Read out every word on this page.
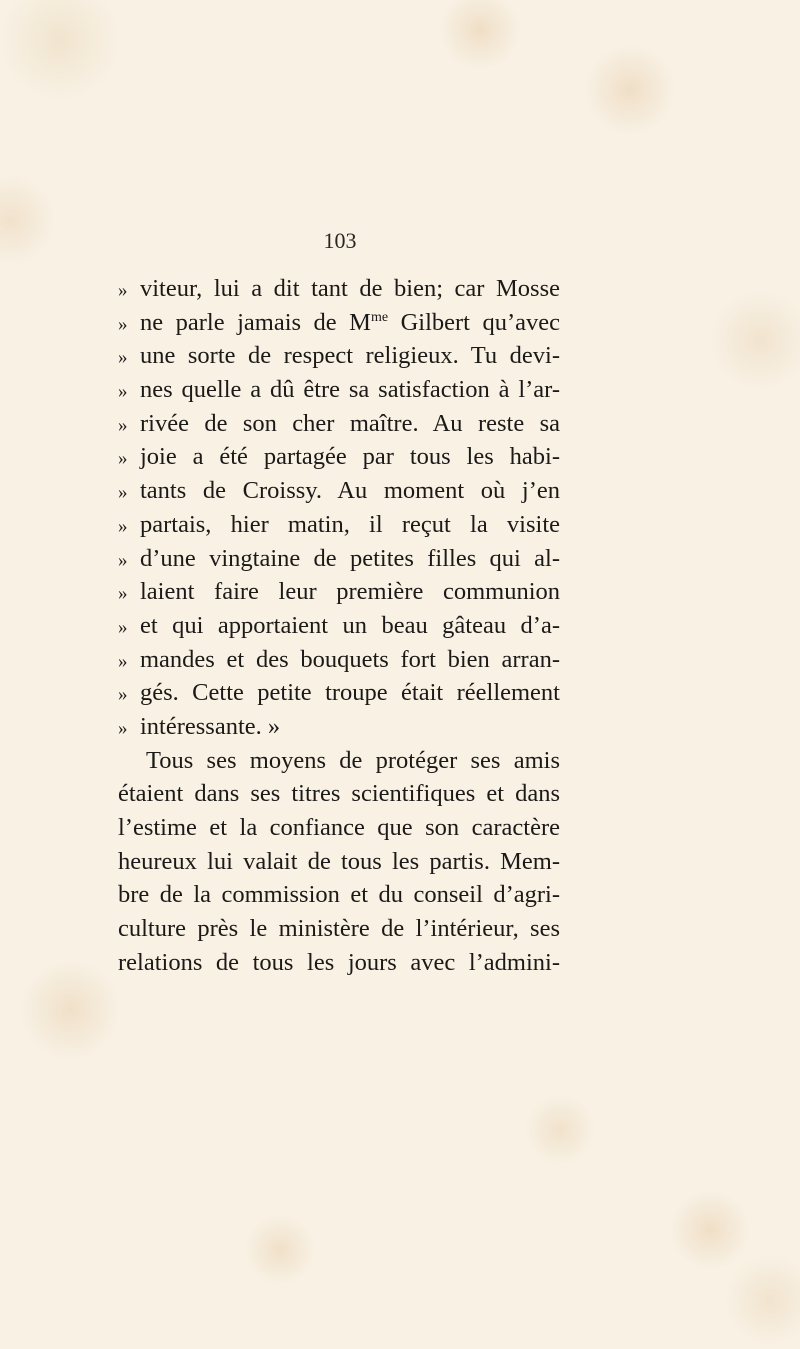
103
» viteur, lui a dit tant de bien; car Mosse
» ne parle jamais de $M^{me}$ Gilbert qu’avec
» une sorte de respect religieux. Tu devi-
» nes quelle a dû être sa satisfaction à l’ar-
» rivée de son cher maître. Au reste sa
» joie a été partagée par tous les habi-
» tants de Croissy. Au moment où j’en
» partais, hier matin, il reçut la visite
» d’une vingtaine de petites filles qui al-
» laient faire leur première communion
» et qui apportaient un beau gâteau d’a-
» mandes et des bouquets fort bien arran-
» gés. Cette petite troupe était réellement
» intéressante. »
Tous ses moyens de protéger ses amis
étaient dans ses titres scientifiques et dans
l’estime et la confiance que son caractère
heureux lui valait de tous les partis. Mem-
bre de la commission et du conseil d’agri-
culture près le ministère de l’intérieur, ses
relations de tous les jours avec l’admini-
